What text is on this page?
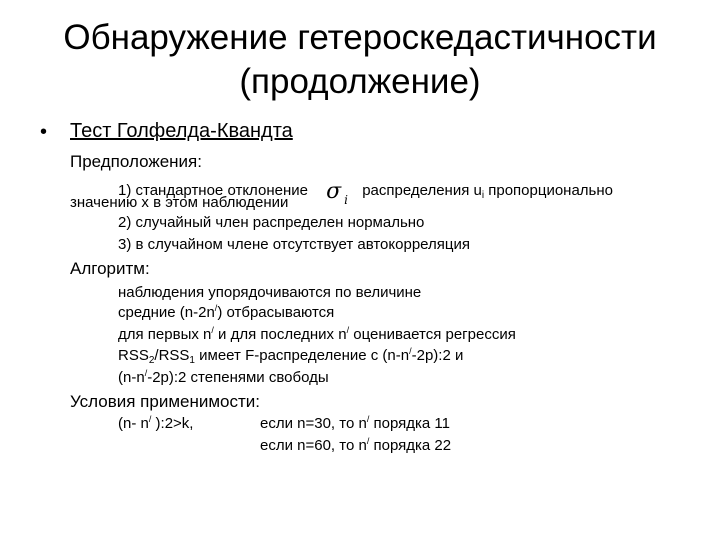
Обнаружение гетероскедастичности
(продолжение)
• Тест Голфелда-Квандта
Предположения:
1) стандартное отклонение σ $_i$ распределения $u_i$ пропорционально
значению x в этом наблюдении
2) случайный член распределен нормально
3) в случайном члене отсутствует автокорреляция
Алгоритм:
наблюдения упорядочиваются по величине
средние (n-2n/) отбрасываются
для первых n/ и для последних n/ оценивается регрессия
$RSS_2/RSS_1$ имеет F-распределение с (n-n/-2р):2 и
(n-n/-2р):2 степенями свободы
Условия применимости:
(n- n/ ):2>k,	если n=30, то n/ порядка 11
если n=60, то n/ порядка 22
